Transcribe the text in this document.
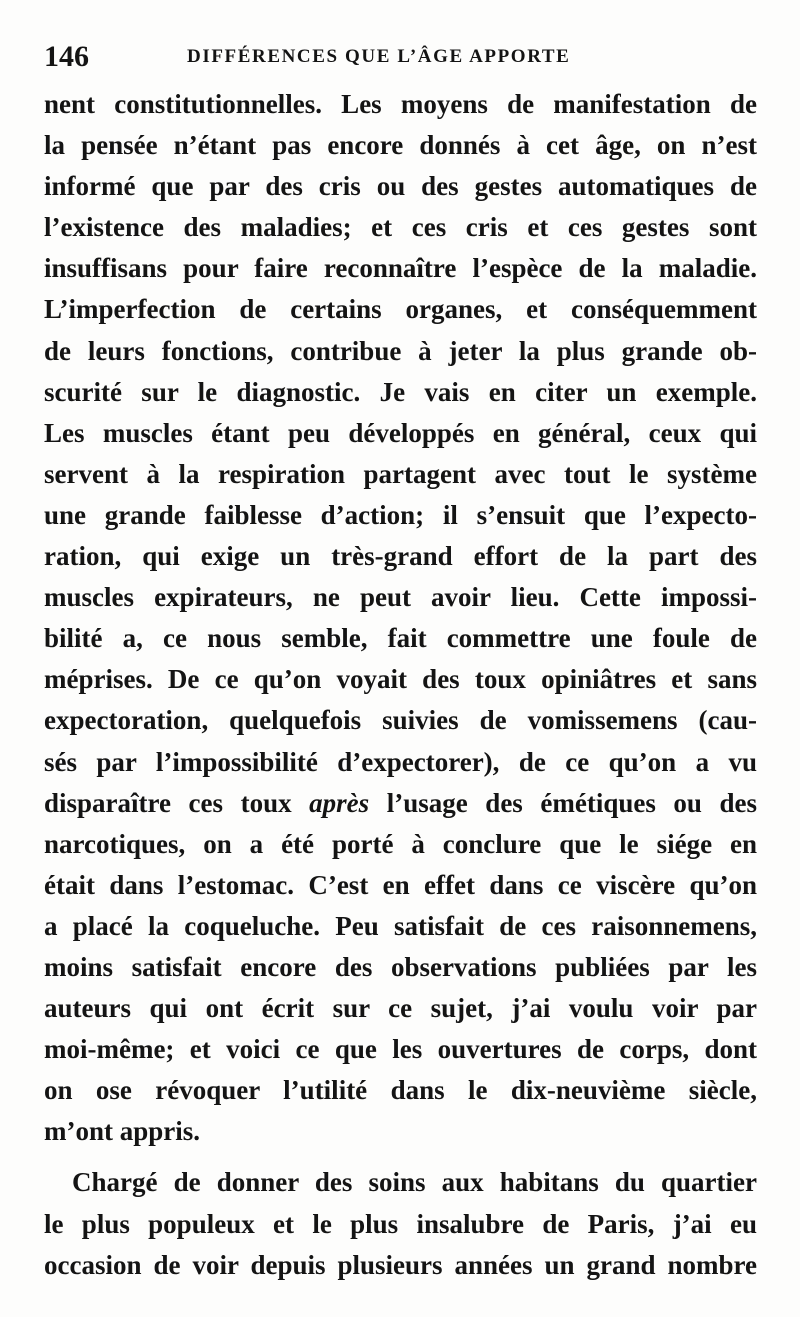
146	DIFFÉRENCES QUE L’ÂGE APPORTE
nent constitutionnelles. Les moyens de manifestation de
la pensée n’étant pas encore donnés à cet âge, on n’est
informé que par des cris ou des gestes automatiques de
l’existence des maladies; et ces cris et ces gestes sont
insuffisans pour faire reconnaître l’espèce de la maladie.
L’imperfection de certains organes, et conséquemment
de leurs fonctions, contribue à jeter la plus grande ob-
scurité sur le diagnostic. Je vais en citer un exemple.
Les muscles étant peu développés en général, ceux qui
servent à la respiration partagent avec tout le système
une grande faiblesse d’action; il s’ensuit que l’expecto-
ration, qui exige un très-grand effort de la part des
muscles expirateurs, ne peut avoir lieu. Cette impossi-
bilité a, ce nous semble, fait commettre une foule de
méprises. De ce qu’on voyait des toux opiniâtres et sans
expectoration, quelquefois suivies de vomissemens (cau-
sés par l’impossibilité d’expectorer), de ce qu’on a vu
disparaître ces toux après l’usage des émétiques ou des
narcotiques, on a été porté à conclure que le siége en
était dans l’estomac. C’est en effet dans ce viscère qu’on
a placé la coqueluche. Peu satisfait de ces raisonnemens,
moins satisfait encore des observations publiées par les
auteurs qui ont écrit sur ce sujet, j’ai voulu voir par
moi-même; et voici ce que les ouvertures de corps, dont
on ose révoquer l’utilité dans le dix-neuvième siècle,
m’ont appris.
Chargé de donner des soins aux habitans du quartier
le plus populeux et le plus insalubre de Paris, j’ai eu
occasion de voir depuis plusieurs années un grand nombre
